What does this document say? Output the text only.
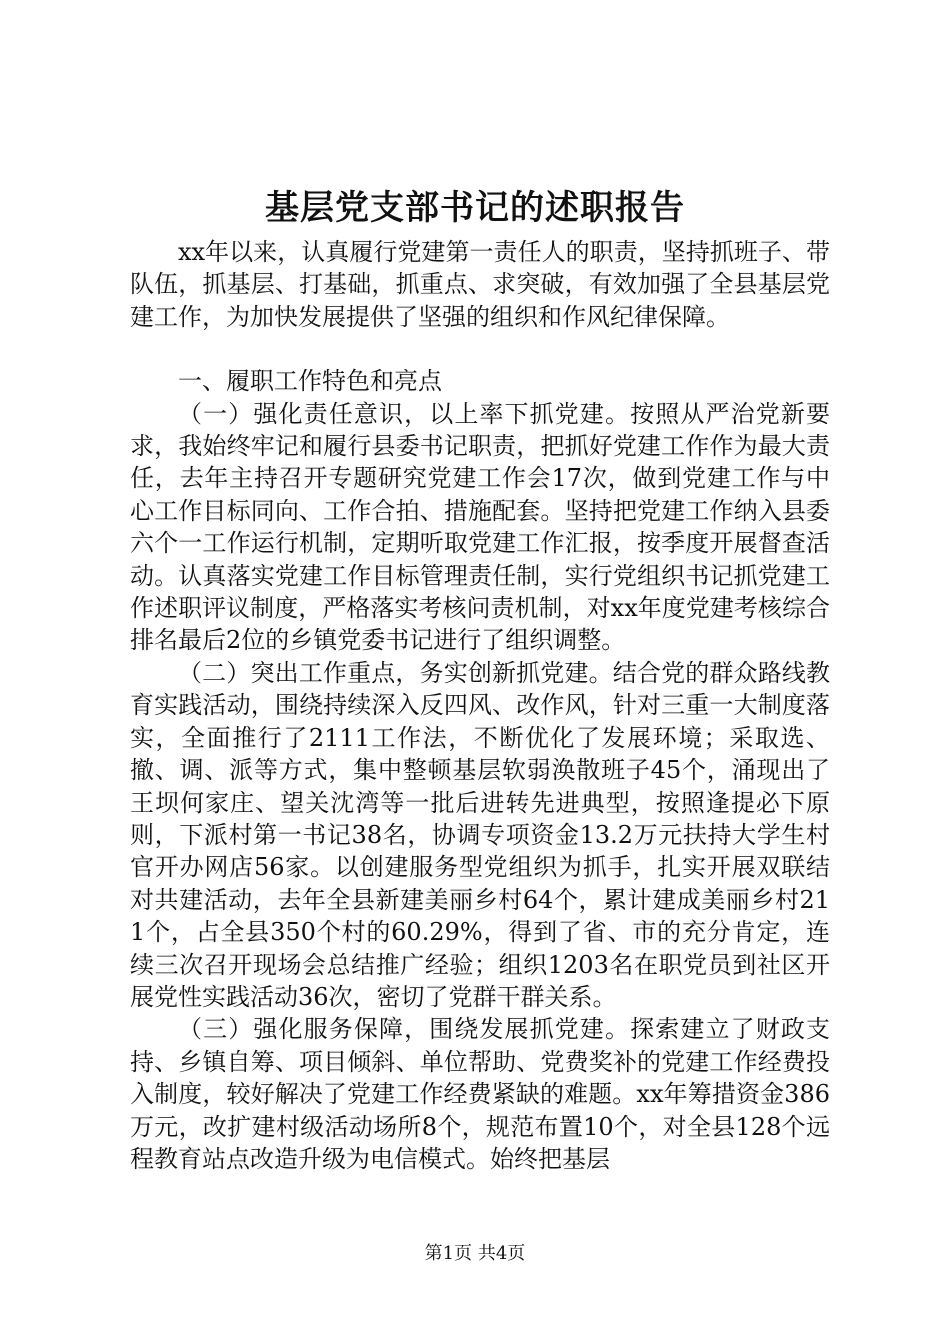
基层党支部书记的述职报告

xx年以来，认真履行党建第一责任人的职责，坚持抓班子、带队伍，抓基层、打基础，抓重点、求突破，有效加强了全县基层党建工作，为加快发展提供了坚强的组织和作风纪律保障。

一、履职工作特色和亮点

（一）强化责任意识，以上率下抓党建。按照从严治党新要求，我始终牢记和履行县委书记职责，把抓好党建工作作为最大责任，去年主持召开专题研究党建工作会17次，做到党建工作与中心工作目标同向、工作合拍、措施配套。坚持把党建工作纳入县委六个一工作运行机制，定期听取党建工作汇报，按季度开展督查活动。认真落实党建工作目标管理责任制，实行党组织书记抓党建工作述职评议制度，严格落实考核问责机制，对xx年度党建考核综合排名最后2位的乡镇党委书记进行了组织调整。

（二）突出工作重点，务实创新抓党建。结合党的群众路线教育实践活动，围绕持续深入反四风、改作风，针对三重一大制度落实，全面推行了2111工作法，不断优化了发展环境；采取选、撤、调、派等方式，集中整顿基层软弱涣散班子45个，涌现出了王坝何家庄、望关沈湾等一批后进转先进典型，按照逢提必下原则，下派村第一书记38名，协调专项资金13.2万元扶持大学生村官开办网店56家。以创建服务型党组织为抓手，扎实开展双联结对共建活动，去年全县新建美丽乡村64个，累计建成美丽乡村211个，占全县350个村的60.29%，得到了省、市的充分肯定，连续三次召开现场会总结推广经验；组织1203名在职党员到社区开展党性实践活动36次，密切了党群干群关系。

（三）强化服务保障，围绕发展抓党建。探索建立了财政支持、乡镇自筹、项目倾斜、单位帮助、党费奖补的党建工作经费投入制度，较好解决了党建工作经费紧缺的难题。xx年筹措资金386万元，改扩建村级活动场所8个，规范布置10个，对全县128个远程教育站点改造升级为电信模式。始终把基层

第1页 共4页
